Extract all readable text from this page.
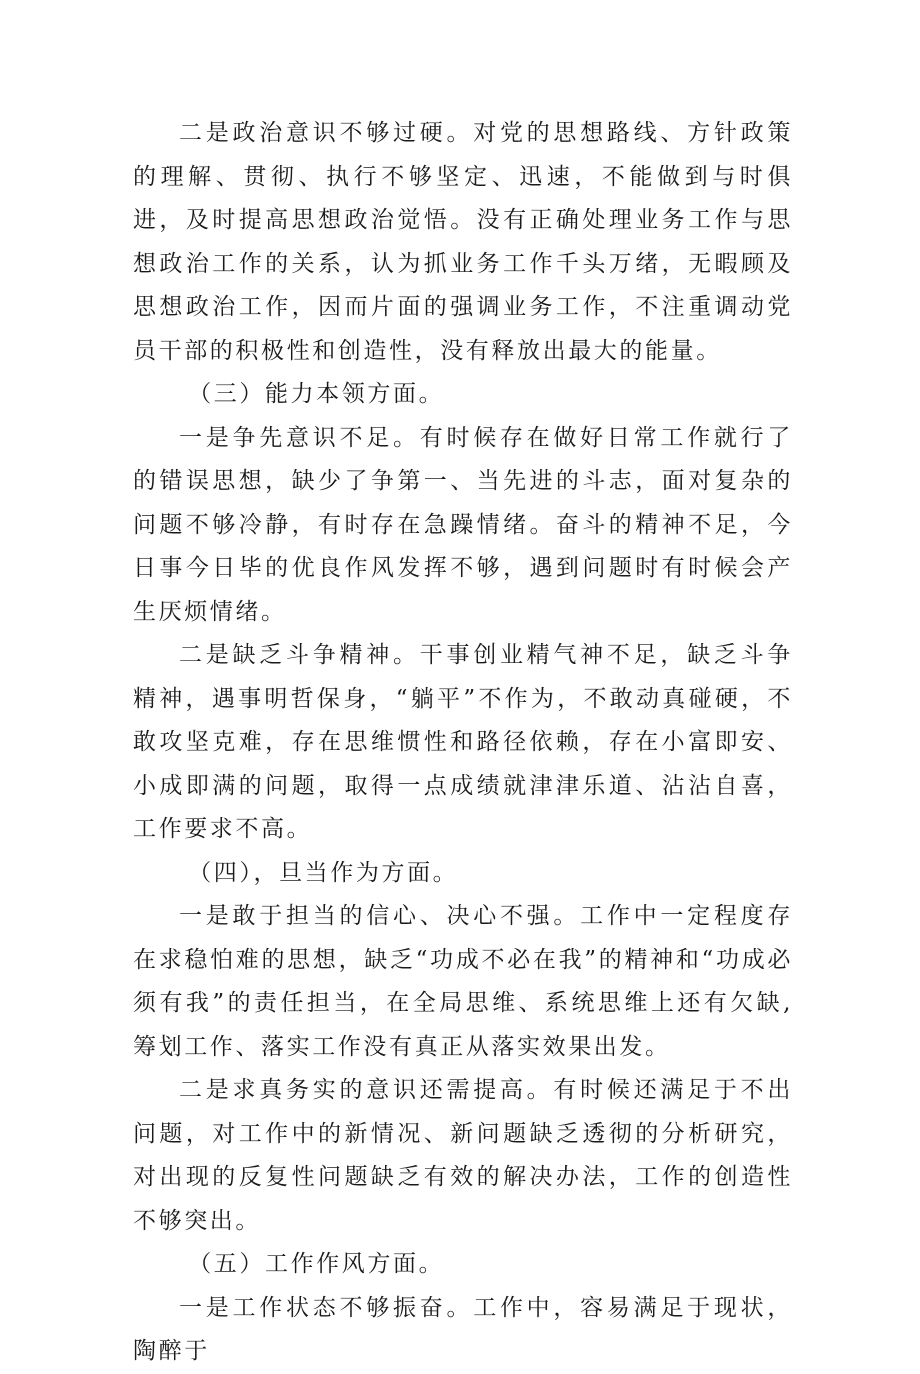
二是政治意识不够过硬。对党的思想路线、方针政策的理解、贯彻、执行不够坚定、迅速，不能做到与时俱进，及时提高思想政治觉悟。没有正确处理业务工作与思想政治工作的关系，认为抓业务工作千头万绪，无暇顾及思想政治工作，因而片面的强调业务工作，不注重调动党员干部的积极性和创造性，没有释放出最大的能量。

（三）能力本领方面。

一是争先意识不足。有时候存在做好日常工作就行了的错误思想，缺少了争第一、当先进的斗志，面对复杂的问题不够冷静，有时存在急躁情绪。奋斗的精神不足，今日事今日毕的优良作风发挥不够，遇到问题时有时候会产生厌烦情绪。

二是缺乏斗争精神。干事创业精气神不足，缺乏斗争精神，遇事明哲保身，“躺平”不作为，不敢动真碰硬，不敢攻坚克难，存在思维惯性和路径依赖，存在小富即安、小成即满的问题，取得一点成绩就津津乐道、沾沾自喜，工作要求不高。

（四），旦当作为方面。

一是敢于担当的信心、决心不强。工作中一定程度存在求稳怕难的思想，缺乏“功成不必在我”的精神和“功成必须有我”的责任担当，在全局思维、系统思维上还有欠缺,筹划工作、落实工作没有真正从落实效果出发。

二是求真务实的意识还需提高。有时候还满足于不出问题，对工作中的新情况、新问题缺乏透彻的分析研究，对出现的反复性问题缺乏有效的解决办法，工作的创造性不够突出。

（五）工作作风方面。

一是工作状态不够振奋。工作中，容易满足于现状，陶醉于
